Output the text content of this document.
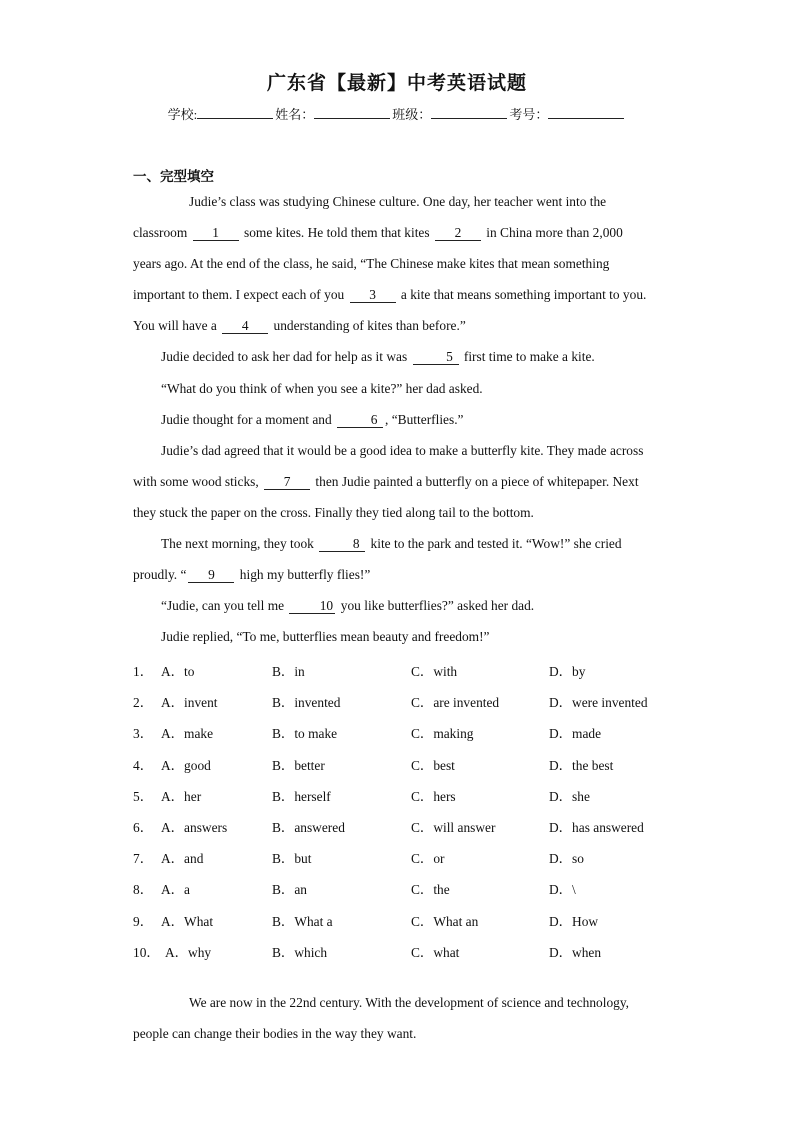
广东省【最新】中考英语试题
学校:	姓名：	班级：	考号：
一、完型填空

Judie’s class was studying Chinese culture. One day, her teacher went into the

classroom 1 some kites. He told them that kites 2 in China more than 2,000

years ago. At the end of the class, he said, “The Chinese make kites that mean something

important to them. I expect each of you 3 a kite that means something important to you.

You will have a 4 understanding of kites than before.”

Judie decided to ask her dad for help as it was	5 first time to make a kite.

“What do you think of when you see a kite?” her dad asked.

Judie thought for a moment and	6 , “Butterflies.”

Judie’s dad agreed that it would be a good idea to make a butterfly kite. They made across

with some wood sticks, 7 then Judie painted a butterfly on a piece of whitepaper. Next

they stuck the paper on the cross. Finally they tied along tail to the bottom.

The next morning, they took	8 kite to the park and tested it. “Wow!” she cried

proudly. “ 9 high my butterfly flies!”

“Judie, can you tell me 10 you like butterflies?” asked her dad.

Judie replied, “To me, butterflies mean beauty and freedom!”

1． A．to	B．in	C．with	D．by
2． A．invent	B．invented	C．are invented	D．were invented
3． A．make	B．to make	C．making	D．made
4． A．good	B．better	C．best	D．the best
5． A．her	B．herself	C．hers	D．she
6． A．answers	B．answered	C．will answer	D．has answered
7． A．and	B．but	C．or	D．so
8． A．a	B．an	C．the	D．\
9． A．What	B．What a	C．What an	D．How
10． A．why	B．which	C．what	D．when

We are now in the 22nd century. With the development of science and technology,

people can change their bodies in the way they want.
